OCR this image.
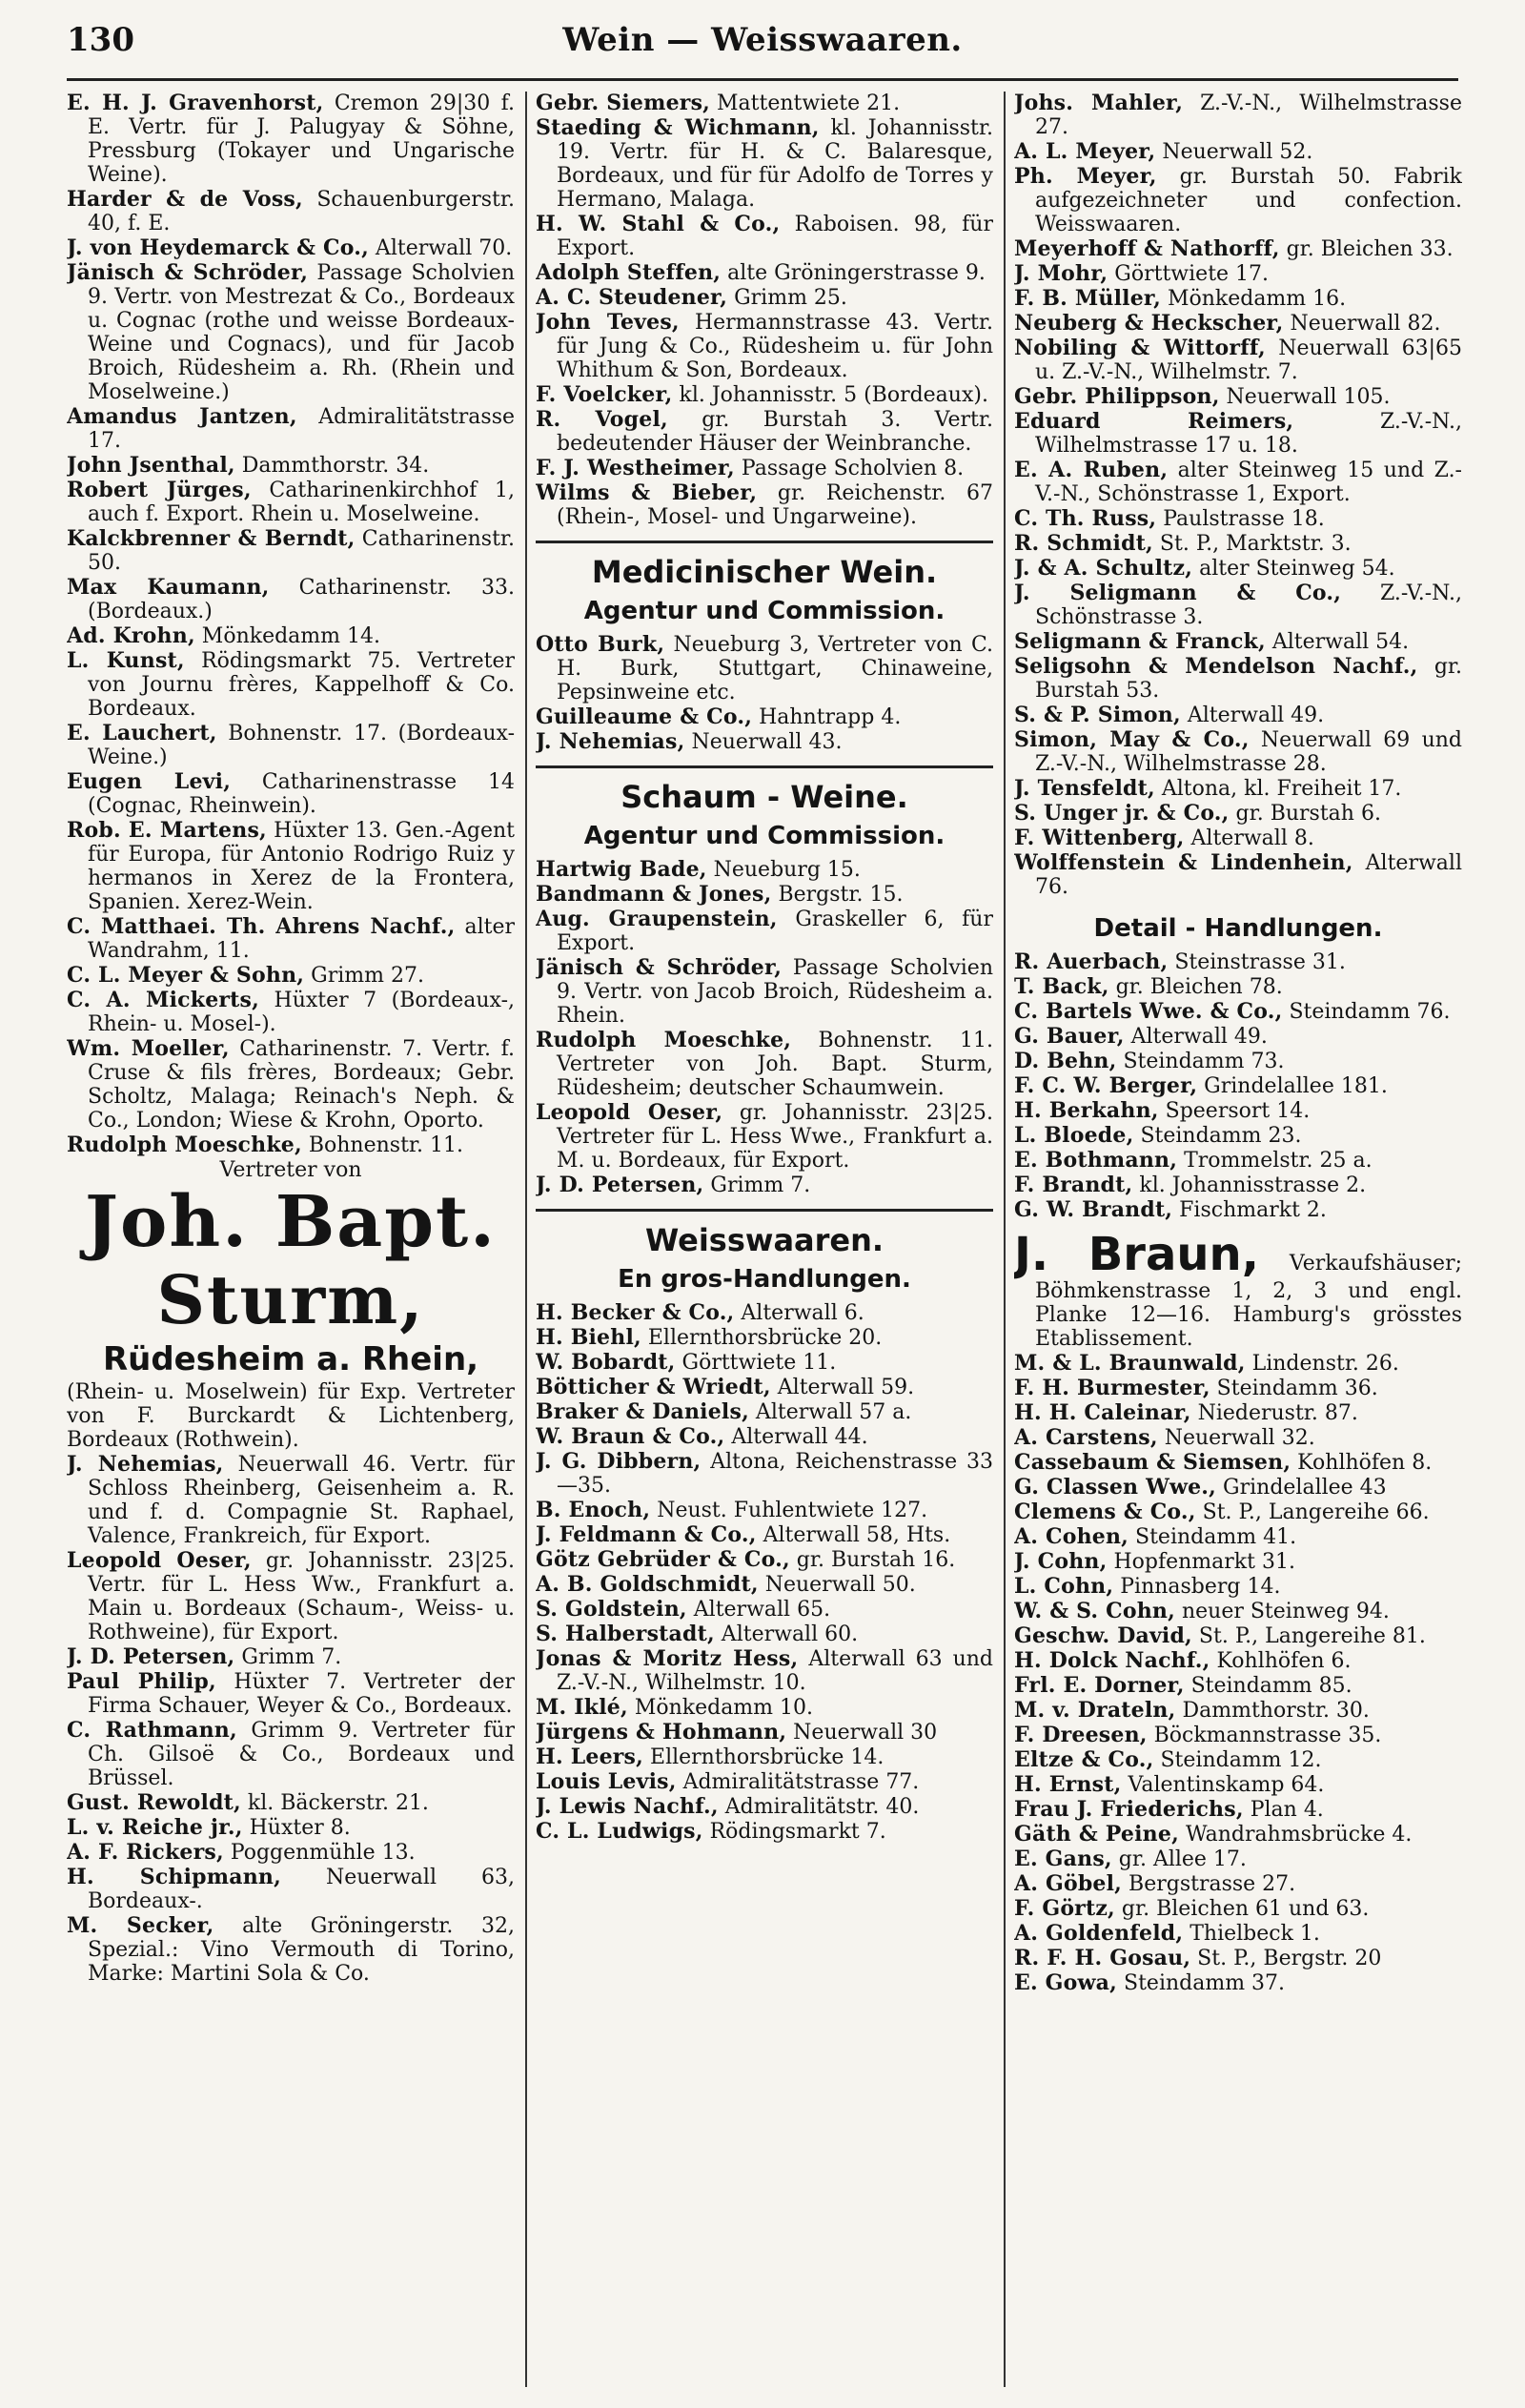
Wein — Weisswaaren.
130

E. H. J. Gravenhorst, Cremon 29|30 f. E. Vertr. für J. Palugyay & Söhne, Pressburg (Tokayer und Ungarische Weine).

Harder & de Voss, Schauenburgerstr. 40, f. E.

J. von Heydemarck & Co., Alterwall 70.

Jänisch & Schröder, Passage Scholvien 9. Vertr. von Mestrezat & Co., Bordeaux u. Cognac (rothe und weisse Bordeaux-Weine und Cognacs), und für Jacob Broich, Rüdesheim a. Rh. (Rhein und Moselweine.)

Amandus Jantzen, Admiralitätstrasse 17.

John Jsenthal, Dammthorstr. 34.

Robert Jürges, Catharinenkirchhof 1, auch f. Export. Rhein u. Moselweine.

Kalckbrenner & Berndt, Catharinenstr. 50.

Max Kaumann, Catharinenstr. 33. (Bordeaux.)

Ad. Krohn, Mönkedamm 14.

L. Kunst, Rödingsmarkt 75. Vertreter von Journu frères, Kappelhoff & Co. Bordeaux.

E. Lauchert, Bohnenstr. 17. (Bordeaux-Weine.)

Eugen Levi, Catharinenstrasse 14 (Cognac, Rheinwein).

Rob. E. Martens, Hüxter 13. Gen.-Agent für Europa, für Antonio Rodrigo Ruiz y hermanos in Xerez de la Frontera, Spanien. Xerez-Wein.

C. Matthaei. Th. Ahrens Nachf., alter Wandrahm, 11.

C. L. Meyer & Sohn, Grimm 27.

C. A. Mickerts, Hüxter 7 (Bordeaux-, Rhein- u. Mosel-).

Wm. Moeller, Catharinenstr. 7. Vertr. f. Cruse & fils frères, Bordeaux; Gebr. Scholtz, Malaga; Reinach's Neph. & Co., London; Wiese & Krohn, Oporto.

Rudolph Moeschke, Bohnenstr. 11.

Vertreter von

Joh. Bapt.
Sturm,
Rüdesheim a. Rhein,

(Rhein- u. Moselwein) für Exp. Vertreter von F. Burckardt & Lichtenberg, Bordeaux (Rothwein).

J. Nehemias, Neuerwall 46. Vertr. für Schloss Rheinberg, Geisenheim a. R. und f. d. Compagnie St. Raphael, Valence, Frankreich, für Export.

Leopold Oeser, gr. Johannisstr. 23|25. Vertr. für L. Hess Ww., Frankfurt a. Main u. Bordeaux (Schaum-, Weiss- u. Rothweine), für Export.

J. D. Petersen, Grimm 7.

Paul Philip, Hüxter 7. Vertreter der Firma Schauer, Weyer & Co., Bordeaux.

C. Rathmann, Grimm 9. Vertreter für Ch. Gilsoë & Co., Bordeaux und Brüssel.

Gust. Rewoldt, kl. Bäckerstr. 21.

L. v. Reiche jr., Hüxter 8.

A. F. Rickers, Poggenmühle 13.

H. Schipmann, Neuerwall 63, Bordeaux-.

M. Secker, alte Gröningerstr. 32, Spezial.: Vino Vermouth di Torino, Marke: Martini Sola & Co.

Gebr. Siemers, Mattentwiete 21.

Staeding & Wichmann, kl. Johannisstr. 19. Vertr. für H. & C. Balaresque, Bordeaux, und für für Adolfo de Torres y Hermano, Malaga.

H. W. Stahl & Co., Raboisen. 98, für Export.

Adolph Steffen, alte Gröningerstrasse 9.

A. C. Steudener, Grimm 25.

John Teves, Hermannstrasse 43. Vertr. für Jung & Co., Rüdesheim u. für John Whithum & Son, Bordeaux.

F. Voelcker, kl. Johannisstr. 5 (Bordeaux).

R. Vogel, gr. Burstah 3. Vertr. bedeutender Häuser der Weinbranche.

F. J. Westheimer, Passage Scholvien 8.

Wilms & Bieber, gr. Reichenstr. 67 (Rhein-, Mosel- und Ungarweine).

Medicinischer Wein.
Agentur und Commission.

Otto Burk, Neueburg 3, Vertreter von C. H. Burk, Stuttgart, Chinaweine, Pepsinweine etc.

Guilleaume & Co., Hahntrapp 4.

J. Nehemias, Neuerwall 43.

Schaum - Weine.
Agentur und Commission.

Hartwig Bade, Neueburg 15.

Bandmann & Jones, Bergstr. 15.

Aug. Graupenstein, Graskeller 6, für Export.

Jänisch & Schröder, Passage Scholvien 9. Vertr. von Jacob Broich, Rüdesheim a. Rhein.

Rudolph Moeschke, Bohnenstr. 11. Vertreter von Joh. Bapt. Sturm, Rüdesheim; deutscher Schaumwein.

Leopold Oeser, gr. Johannisstr. 23|25. Vertreter für L. Hess Wwe., Frankfurt a. M. u. Bordeaux, für Export.

J. D. Petersen, Grimm 7.

Weisswaaren.
En gros-Handlungen.

H. Becker & Co., Alterwall 6.

H. Biehl, Ellernthorsbrücke 20.

W. Bobardt, Görttwiete 11.

Bötticher & Wriedt, Alterwall 59.

Braker & Daniels, Alterwall 57 a.

W. Braun & Co., Alterwall 44.

J. G. Dibbern, Altona, Reichenstrasse 33—35.

B. Enoch, Neust. Fuhlentwiete 127.

J. Feldmann & Co., Alterwall 58, Hts.

Götz Gebrüder & Co., gr. Burstah 16.

A. B. Goldschmidt, Neuerwall 50.

S. Goldstein, Alterwall 65.

S. Halberstadt, Alterwall 60.

Jonas & Moritz Hess, Alterwall 63 und Z.-V.-N., Wilhelmstr. 10.

M. Iklé, Mönkedamm 10.

Jürgens & Hohmann, Neuerwall 30

H. Leers, Ellernthorsbrücke 14.

Louis Levis, Admiralitätstrasse 77.

J. Lewis Nachf., Admiralitätstr. 40.

C. L. Ludwigs, Rödingsmarkt 7.

Johs. Mahler, Z.-V.-N., Wilhelmstrasse 27.

A. L. Meyer, Neuerwall 52.

Ph. Meyer, gr. Burstah 50. Fabrik aufgezeichneter und confection. Weisswaaren.

Meyerhoff & Nathorff, gr. Bleichen 33.

J. Mohr, Görttwiete 17.

F. B. Müller, Mönkedamm 16.

Neuberg & Heckscher, Neuerwall 82.

Nobiling & Wittorff, Neuerwall 63|65 u. Z.-V.-N., Wilhelmstr. 7.

Gebr. Philippson, Neuerwall 105.

Eduard Reimers, Z.-V.-N., Wilhelmstrasse 17 u. 18.

E. A. Ruben, alter Steinweg 15 und Z.-V.-N., Schönstrasse 1, Export.

C. Th. Russ, Paulstrasse 18.

R. Schmidt, St. P., Marktstr. 3.

J. & A. Schultz, alter Steinweg 54.

J. Seligmann & Co., Z.-V.-N., Schönstrasse 3.

Seligmann & Franck, Alterwall 54.

Seligsohn & Mendelson Nachf., gr. Burstah 53.

S. & P. Simon, Alterwall 49.

Simon, May & Co., Neuerwall 69 und Z.-V.-N., Wilhelmstrasse 28.

J. Tensfeldt, Altona, kl. Freiheit 17.

S. Unger jr. & Co., gr. Burstah 6.

F. Wittenberg, Alterwall 8.

Wolffenstein & Lindenhein, Alterwall 76.

Detail - Handlungen.

R. Auerbach, Steinstrasse 31.

T. Back, gr. Bleichen 78.

C. Bartels Wwe. & Co., Steindamm 76.

G. Bauer, Alterwall 49.

D. Behn, Steindamm 73.

F. C. W. Berger, Grindelallee 181.

H. Berkahn, Speersort 14.

L. Bloede, Steindamm 23.

E. Bothmann, Trommelstr. 25 a.

F. Brandt, kl. Johannisstrasse 2.

G. W. Brandt, Fischmarkt 2.

J. Braun, Verkaufshäuser; Böhmkenstrasse 1, 2, 3 und engl. Planke 12—16. Hamburg's grösstes Etablissement.

M. & L. Braunwald, Lindenstr. 26.

F. H. Burmester, Steindamm 36.

H. H. Caleinar, Niederustr. 87.

A. Carstens, Neuerwall 32.

Cassebaum & Siemsen, Kohlhöfen 8.

G. Classen Wwe., Grindelallee 43

Clemens & Co., St. P., Langereihe 66.

A. Cohen, Steindamm 41.

J. Cohn, Hopfenmarkt 31.

L. Cohn, Pinnasberg 14.

W. & S. Cohn, neuer Steinweg 94.

Geschw. David, St. P., Langereihe 81.

H. Dolck Nachf., Kohlhöfen 6.

Frl. E. Dorner, Steindamm 85.

M. v. Drateln, Dammthorstr. 30.

F. Dreesen, Böckmannstrasse 35.

Eltze & Co., Steindamm 12.

H. Ernst, Valentinskamp 64.

Frau J. Friederichs, Plan 4.

Gäth & Peine, Wandrahmsbrücke 4.

E. Gans, gr. Allee 17.

A. Göbel, Bergstrasse 27.

F. Görtz, gr. Bleichen 61 und 63.

A. Goldenfeld, Thielbeck 1.

R. F. H. Gosau, St. P., Bergstr. 20

E. Gowa, Steindamm 37.
